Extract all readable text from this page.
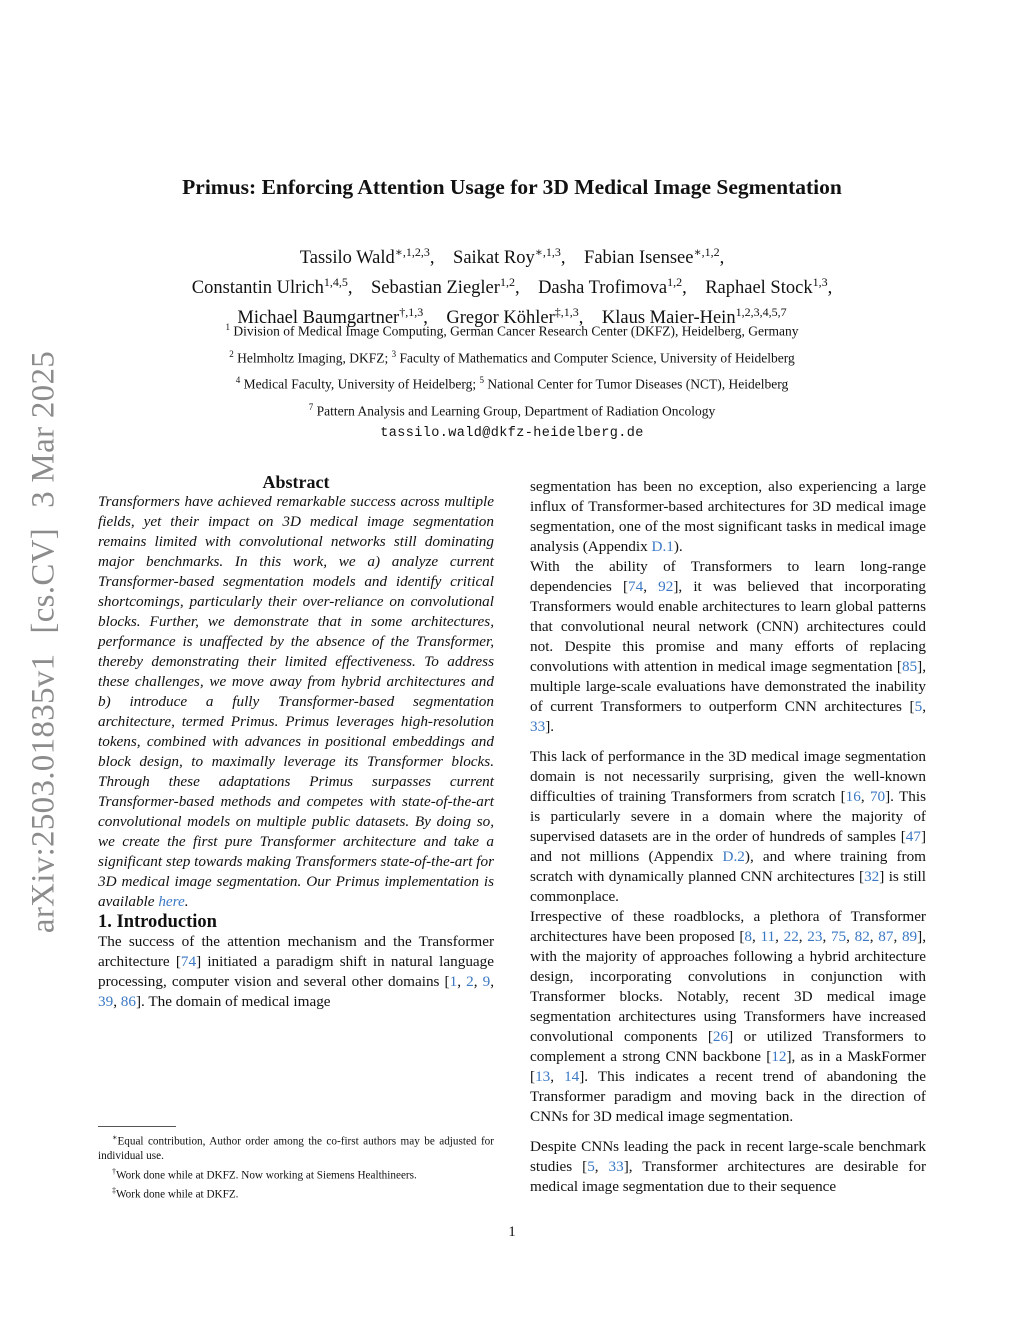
arXiv:2503.01835v1[cs.CV]3 Mar 2025
Primus: Enforcing Attention Usage for 3D Medical Image Segmentation
Tassilo Wald$^{∗,1,2,3}$, Saikat Roy$^{∗,1,3}$, Fabian Isensee$^{∗,1,2}$,
Constantin Ulrich$^{1,4,5}$, Sebastian Ziegler$^{1,2}$, Dasha Trofimova$^{1,2}$, Raphael Stock$^{1,3}$,
Michael Baumgartner$^{\dagger,1,3}$, Gregor Köhler$^{\ddagger,1,3}$, Klaus Maier-Hein$^{1,2,3,4,5,7}$
$^1$ Division of Medical Image Computing, German Cancer Research Center (DKFZ), Heidelberg, Germany
$^2$ Helmholtz Imaging, DKFZ; $^3$ Faculty of Mathematics and Computer Science, University of Heidelberg
$^4$ Medical Faculty, University of Heidelberg; $^5$ National Center for Tumor Diseases (NCT), Heidelberg
$^7$ Pattern Analysis and Learning Group, Department of Radiation Oncology
tassilo.wald@dkfz-heidelberg.de

Abstract

Transformers have achieved remarkable success across multiple fields, yet their impact on 3D medical image segmentation remains limited with convolutional networks still dominating major benchmarks. In this work, we a) analyze current Transformer-based segmentation models and identify critical shortcomings, particularly their over-reliance on convolutional blocks. Further, we demonstrate that in some architectures, performance is unaffected by the absence of the Transformer, thereby demonstrating their limited effectiveness. To address these challenges, we move away from hybrid architectures and b) introduce a fully Transformer-based segmentation architecture, termed Primus. Primus leverages high-resolution tokens, combined with advances in positional embeddings and block design, to maximally leverage its Transformer blocks. Through these adaptations Primus surpasses current Transformer-based methods and competes with state-of-the-art convolutional models on multiple public datasets. By doing so, we create the first pure Transformer architecture and take a significant step towards making Transformers state-of-the-art for 3D medical image segmentation. Our Primus implementation is available here.

1. Introduction

The success of the attention mechanism and the Transformer architecture [74] initiated a paradigm shift in natural language processing, computer vision and several other domains [1, 2, 9, 39, 86]. The domain of medical image

∗Equal contribution, Author order among the co-first authors may be adjusted for individual use.

†Work done while at DKFZ. Now working at Siemens Healthineers.

‡Work done while at DKFZ.

segmentation has been no exception, also experiencing a large influx of Transformer-based architectures for 3D medical image segmentation, one of the most significant tasks in medical image analysis (Appendix D.1).

With the ability of Transformers to learn long-range dependencies [74, 92], it was believed that incorporating Transformers would enable architectures to learn global patterns that convolutional neural network (CNN) architectures could not. Despite this promise and many efforts of replacing convolutions with attention in medical image segmentation [85], multiple large-scale evaluations have demonstrated the inability of current Transformers to outperform CNN architectures [5, 33].

This lack of performance in the 3D medical image segmentation domain is not necessarily surprising, given the well-known difficulties of training Transformers from scratch [16, 70]. This is particularly severe in a domain where the majority of supervised datasets are in the order of hundreds of samples [47] and not millions (Appendix D.2), and where training from scratch with dynamically planned CNN architectures [32] is still commonplace.

Irrespective of these roadblocks, a plethora of Transformer architectures have been proposed [8, 11, 22, 23, 75, 82, 87, 89], with the majority of approaches following a hybrid architecture design, incorporating convolutions in conjunction with Transformer blocks. Notably, recent 3D medical image segmentation architectures using Transformers have increased convolutional components [26] or utilized Transformers to complement a strong CNN backbone [12], as in a MaskFormer [13, 14]. This indicates a recent trend of abandoning the Transformer paradigm and moving back in the direction of CNNs for 3D medical image segmentation.

Despite CNNs leading the pack in recent large-scale benchmark studies [5, 33], Transformer architectures are desirable for medical image segmentation due to their sequence

1
